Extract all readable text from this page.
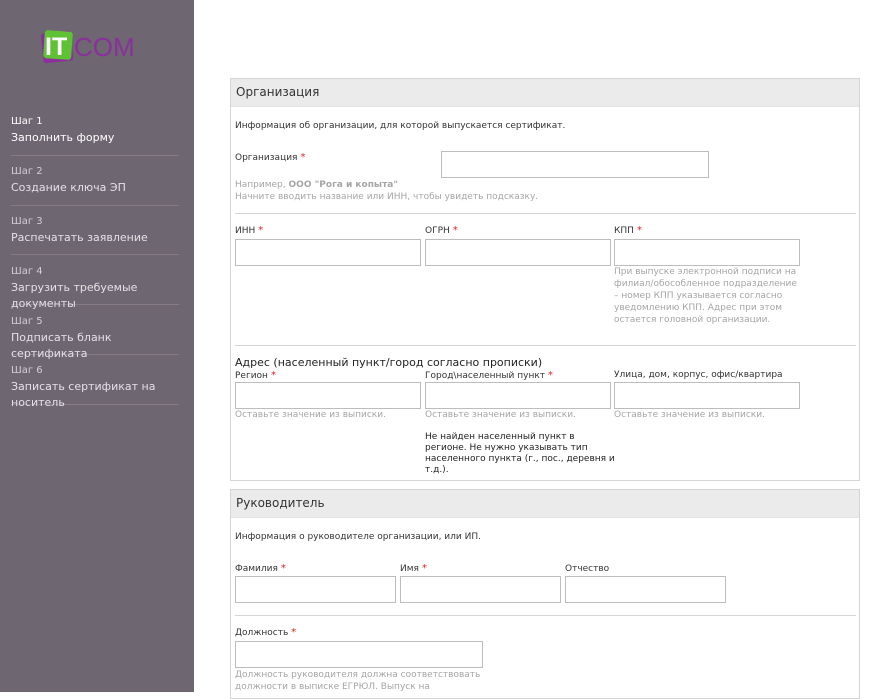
IT COM
Шаг 1
Заполнить форму
Шаг 2
Создание ключа ЭП
Шаг 3
Распечатать заявление
Шаг 4
Загрузить требуемые документы
Шаг 5
Подписать бланк сертификата
Шаг 6
Записать сертификат на носитель
Организация
Информация об организации, для которой выпускается сертификат.
Организация *
Например, ООО "Рога и копыта"
Начните вводить название или ИНН, чтобы увидеть подсказку.
ИНН *	ОГРН *	КПП *
При выпуске электронной подписи на филиал/обособленное подразделение – номер КПП указывается согласно уведомлению КПП. Адрес при этом остается головной организации.
Адрес (населенный пункт/город согласно прописки)
Регион *
Оставьте значение из выписки.
Город\населенный пункт *
Оставьте значение из выписки.
Не найден населенный пункт в регионе. Не нужно указывать тип населенного пункта (г., пос., деревня и т.д.).
Улица, дом, корпус, офис/квартира
Оставьте значение из выписки.
Руководитель
Информация о руководителе организации, или ИП.
Фамилия *	Имя *	Отчество
Должность *
Должность руководителя должна соответствовать должности в выписке ЕГРЮЛ. Выпуск на
